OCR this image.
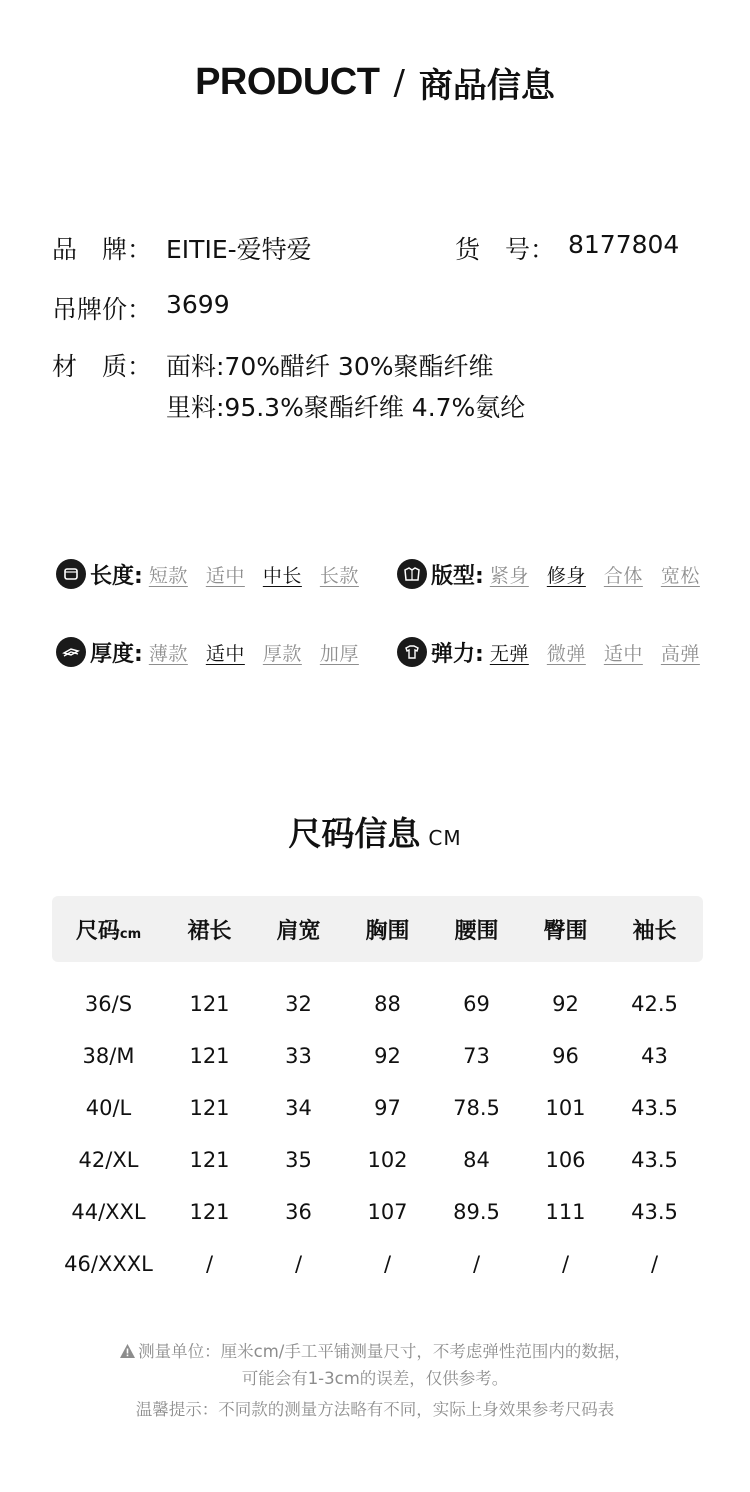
PRODUCT / 商品信息
品　牌： EITIE-爱特爱	货　号： 8177804
吊牌价： 3699
材　质： 面料:70%醋纤 30%聚酯纤维
里料:95.3%聚酯纤维 4.7%氨纶
长度: 短款 适中 中长 长款	版型: 紧身 修身 合体 宽松
厚度: 薄款 适中 厚款 加厚	弹力: 无弹 微弹 适中 高弹
尺码信息 CM
尺码cm	裙长	肩宽	胸围	腰围	臀围	袖长
36/S	121	32	88	69	92	42.5
38/M	121	33	92	73	96	43
40/L	121	34	97	78.5	101	43.5
42/XL	121	35	102	84	106	43.5
44/XXL	121	36	107	89.5	111	43.5
46/XXXL	/	/	/	/	/	/
测量单位：厘米cm/手工平铺测量尺寸，不考虑弹性范围内的数据，
可能会有1-3cm的误差，仅供参考。
温馨提示：不同款的测量方法略有不同，实际上身效果参考尺码表
